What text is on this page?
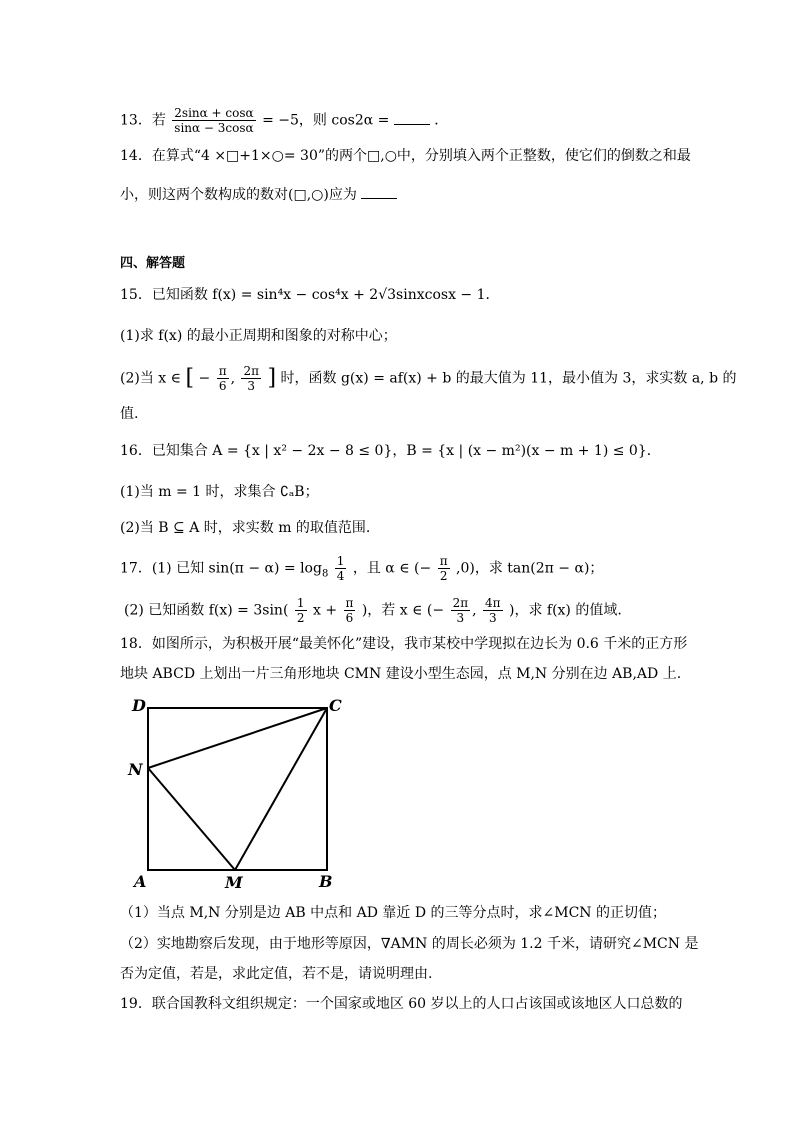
13．若 $\frac{2\sin\alpha + \cos\alpha}{\sin\alpha - 3\cos\alpha} = -5$，则 cos2α =	．
14．在算式“4 ×□+1×○= 30”的两个□,○中，分别填入两个正整数，使它们的倒数之和最
小，则这两个数构成的数对(□,○)应为
四、解答题
15．已知函数 f(x) = sin⁴x − cos⁴x + 2√3sinxcosx − 1．
(1)求 f(x) 的最小正周期和图象的对称中心；
(2)当 x ∈ [ − $\frac{\pi}{6}$ , $\frac{2\pi}{3}$ ] 时，函数 g(x) = af(x) + b 的最大值为 11，最小值为 3，求实数 a, b 的
值.
16．已知集合 A = {x | x² − 2x − 8 ≤ 0}，B = {x | (x − m²)(x − m + 1) ≤ 0}．
(1)当 m = 1 时，求集合 ∁ₐB；
(2)当 B ⊆ A 时，求实数 m 的取值范围.
17．(1) 已知 $\sin(\pi - \alpha) = \log_8 \frac{1}{4}$ ，且 α ∈ (− $\frac{\pi}{2} ,0$)，求 tan(2π − α)；
(2) 已知函数 $f(x) = 3\sin( \frac{1}{2}$ $x + \frac{\pi}{6}$ )，若 x ∈ (− $\frac{2\pi}{3}$ , $\frac{4\pi}{3}$ )，求 f(x) 的值域.
18．如图所示，为积极开展“最美怀化”建设，我市某校中学现拟在边长为 0.6 千米的正方形
地块 ABCD 上划出一片三角形地块 CMN 建设小型生态园，点 M,N 分别在边 AB,AD 上.
D	C
N
A	M	B
（1）当点 M,N 分别是边 AB 中点和 AD 靠近 D 的三等分点时，求∠MCN 的正切值；
（2）实地勘察后发现，由于地形等原因，∇AMN 的周长必须为 1.2 千米，请研究∠MCN 是
否为定值，若是，求此定值，若不是，请说明理由.
19．联合国教科文组织规定：一个国家或地区 60 岁以上的人口占该国或该地区人口总数的
